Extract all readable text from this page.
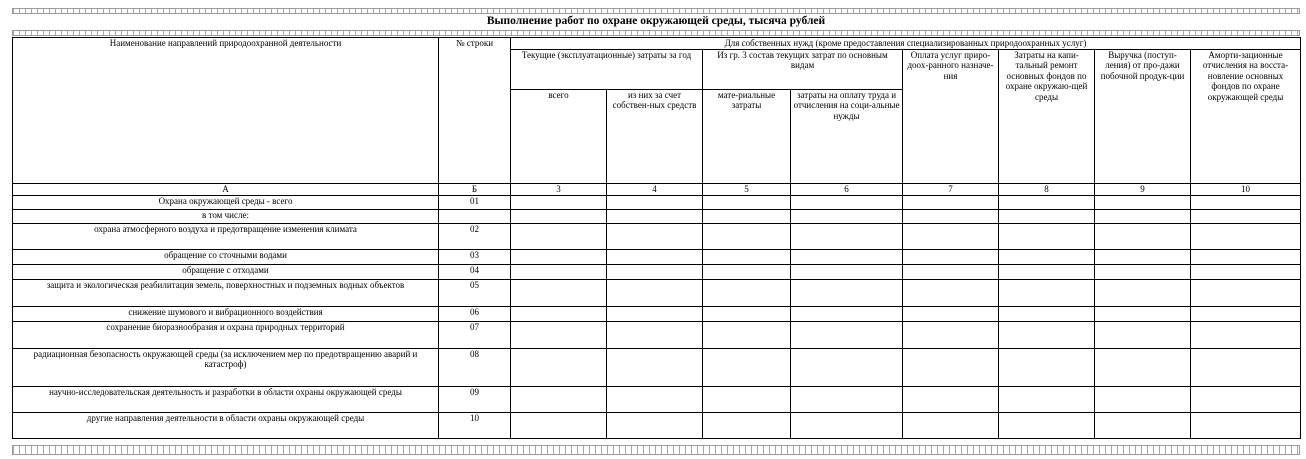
Выполнение работ по охране окружающей среды, тысяча рублей
Наименование направлений природоохранной деятельности	№ строки	Для собственных нужд (кроме предоставления специализированных природоохранных услуг)							
		Текущие (эксплуатационные) затраты за год		Из гр. 3 состав текущих затрат по основным видам		Оплата услуг приро-доох-ранного назначе-ния	Затраты на капи-тальный ремонт основных фондов по охране окружаю-щей среды	Выручка (поступ-ления) от про-дажи побочной продук-ции	Аморти-зационные отчисления на восста-новление основных фондов по охране окружающей среды
		всего	из них за счет собствен-ных средств	мате-риальные затраты	затраты на оплату труда и отчисления на соци-альные нужды				

А	Б	3	4	5	6	7	8	9	10
Охрана окружающей среды - всего	01								
в том числе:									
охрана атмосферного воздуха и предотвращение изменения климата	02								
обращение со сточными водами	03								
обращение с отходами	04								
защита и экологическая реабилитация земель, поверхностных и подземных водных объектов	05								
снижение шумового и вибрационного воздействия	06								
сохранение биоразнообразия и охрана природных территорий	07								
радиационная безопасность окружающей среды (за исключением мер по предотвращению аварий и катастроф)	08								
научно-исследовательская деятельность и разработки в области охраны окружающей среды	09								
другие направления деятельности в области охраны окружающей среды	10								
